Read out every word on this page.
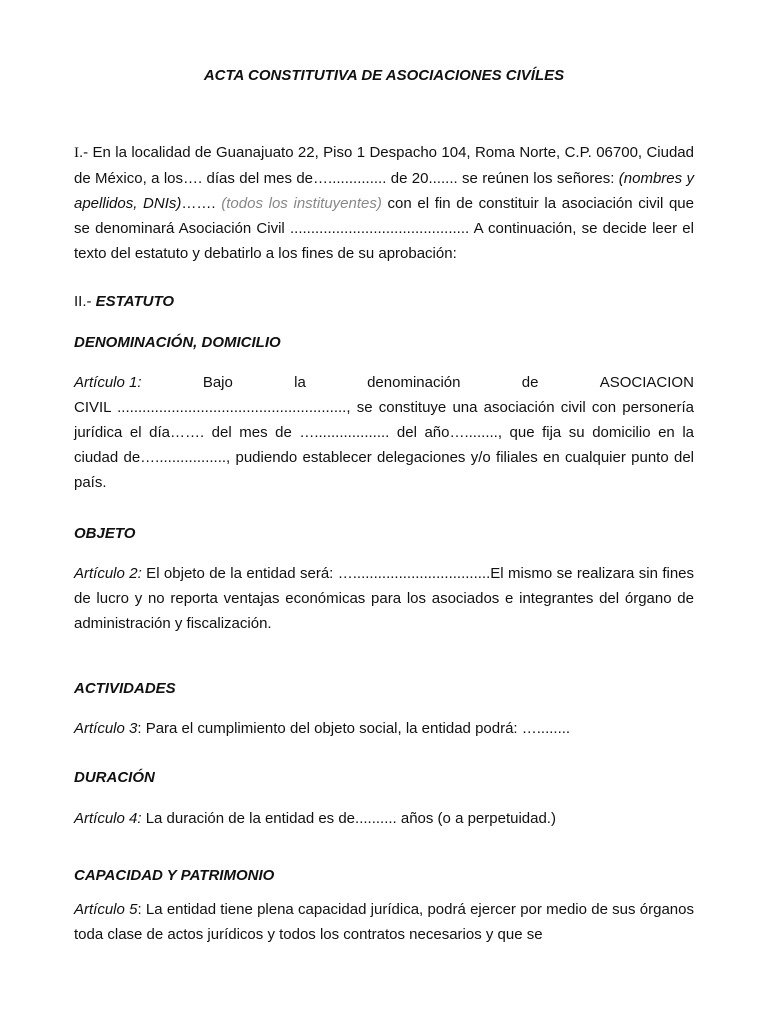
ACTA CONSTITUTIVA DE ASOCIACIONES CIVÍLES
I.- En la localidad de Guanajuato 22, Piso 1 Despacho 104, Roma Norte, C.P. 06700, Ciudad de México, a los…. días del mes de….............. de 20....... se reúnen los señores: (nombres y apellidos, DNIs)……. (todos los instituyentes) con el fin de constituir la asociación civil que se denominará Asociación Civil ........................................... A continuación, se decide leer el texto del estatuto y debatirlo a los fines de su aprobación:
II.- ESTATUTO
DENOMINACIÓN, DOMICILIO
Artículo 1:	Bajo	la	denominación	de	ASOCIACION
CIVIL ......................................................., se constituye una asociación civil con personería jurídica el día……. del mes de ….................. del año…........, que fija su domicilio en la ciudad de…................., pudiendo establecer delegaciones y/o filiales en cualquier punto del país.
OBJETO
Artículo 2: El objeto de la entidad será: ….................................El mismo se realizara sin fines de lucro y no reporta ventajas económicas para los asociados e integrantes del órgano de administración y fiscalización.
ACTIVIDADES
Artículo 3: Para el cumplimiento del objeto social, la entidad podrá: …........
DURACIÓN
Artículo 4: La duración de la entidad es de.......... años (o a perpetuidad.)
CAPACIDAD Y PATRIMONIO
Artículo 5: La entidad tiene plena capacidad jurídica, podrá ejercer por medio de sus órganos toda clase de actos jurídicos y todos los contratos necesarios y que se
